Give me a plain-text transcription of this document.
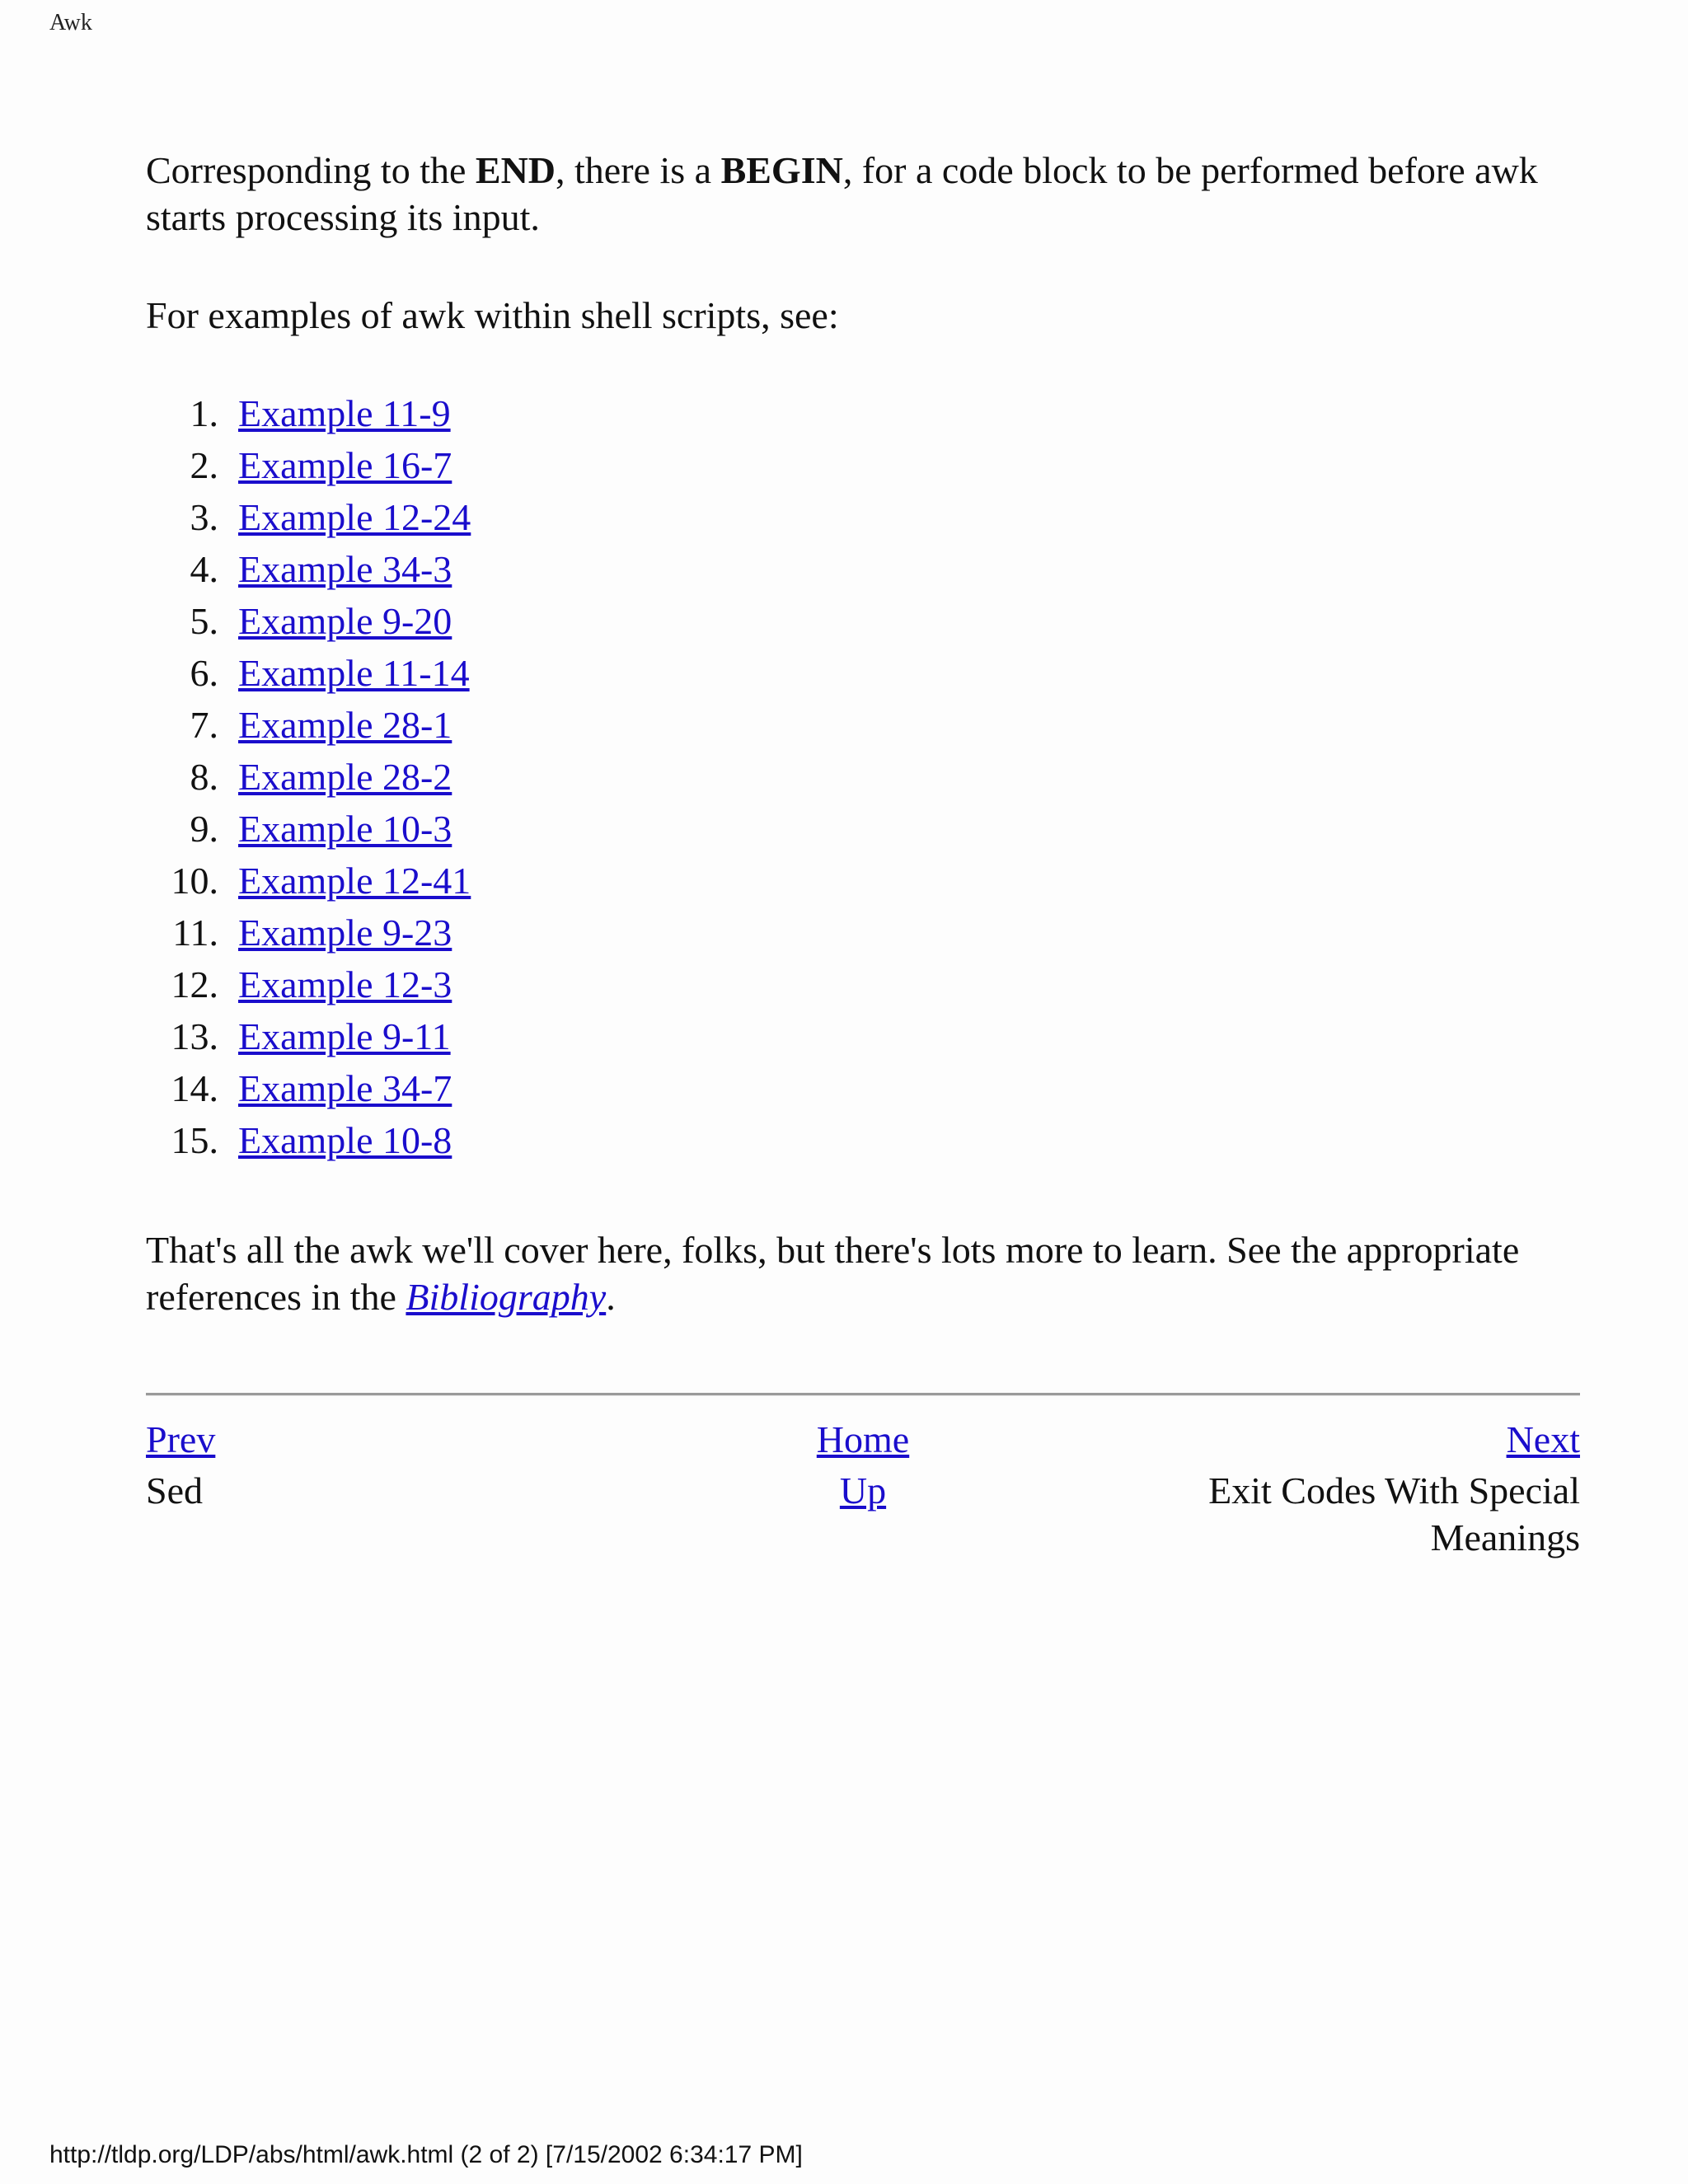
Awk

Corresponding to the END, there is a BEGIN, for a code block to be performed before awk starts processing its input.

For examples of awk within shell scripts, see:

1. Example 11-9
2. Example 16-7
3. Example 12-24
4. Example 34-3
5. Example 9-20
6. Example 11-14
7. Example 28-1
8. Example 28-2
9. Example 10-3
10. Example 12-41
11. Example 9-23
12. Example 12-3
13. Example 9-11
14. Example 34-7
15. Example 10-8

That's all the awk we'll cover here, folks, but there's lots more to learn. See the appropriate references in the Bibliography.

Prev	Home	Next
Sed	Up	Exit Codes With Special Meanings
http://tldp.org/LDP/abs/html/awk.html (2 of 2) [7/15/2002 6:34:17 PM]
